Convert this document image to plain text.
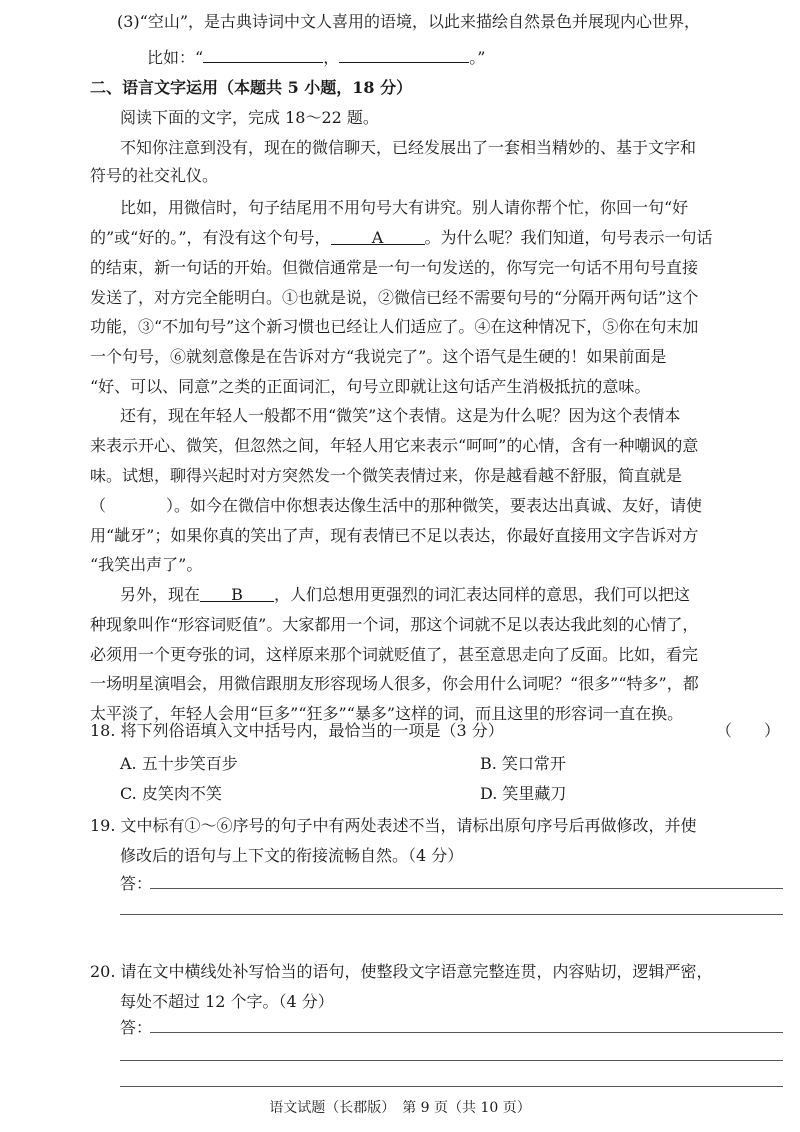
(3)“空山”，是古典诗词中文人喜用的语境，以此来描绘自然景色并展现内心世界，
比如：“	，	。”
二、语言文字运用（本题共 5 小题，18 分）
阅读下面的文字，完成 18～22 题。
不知你注意到没有，现在的微信聊天，已经发展出了一套相当精妙的、基于文字和
符号的社交礼仪。
比如，用微信时，句子结尾用不用句号大有讲究。别人请你帮个忙，你回一句“好
的”或“好的。”，有没有这个句号，	A	。为什么呢？我们知道，句号表示一句话
的结束，新一句话的开始。但微信通常是一句一句发送的，你写完一句话不用句号直接
发送了，对方完全能明白。①也就是说，②微信已经不需要句号的“分隔开两句话”这个
功能，③“不加句号”这个新习惯也已经让人们适应了。④在这种情况下，⑤你在句末加
一个句号，⑥就刻意像是在告诉对方“我说完了”。这个语气是生硬的！如果前面是
“好、可以、同意”之类的正面词汇，句号立即就让这句话产生消极抵抗的意味。
还有，现在年轻人一般都不用“微笑”这个表情。这是为什么呢？因为这个表情本
来表示开心、微笑，但忽然之间，年轻人用它来表示“呵呵”的心情，含有一种嘲讽的意
味。试想，聊得兴起时对方突然发一个微笑表情过来，你是越看越不舒服，简直就是
（	）。如今在微信中你想表达像生活中的那种微笑，要表达出真诚、友好，请使
用“龇牙”；如果你真的笑出了声，现有表情已不足以表达，你最好直接用文字告诉对方
“我笑出声了”。
另外，现在 B ，人们总想用更强烈的词汇表达同样的意思，我们可以把这
种现象叫作“形容词贬值”。大家都用一个词，那这个词就不足以表达我此刻的心情了，
必须用一个更夸张的词，这样原来那个词就贬值了，甚至意思走向了反面。比如，看完
一场明星演唱会，用微信跟朋友形容现场人很多，你会用什么词呢？“很多”“特多”，都
太平淡了，年轻人会用“巨多”“狂多”“暴多”这样的词，而且这里的形容词一直在换。
18. 将下列俗语填入文中括号内，最恰当的一项是（3 分）	（　　）
A. 五十步笑百步	B. 笑口常开
C. 皮笑肉不笑	D. 笑里藏刀
19. 文中标有①～⑥序号的句子中有两处表述不当，请标出原句序号后再做修改，并使
修改后的语句与上下文的衔接流畅自然。（4 分）
答：
20. 请在文中横线处补写恰当的语句，使整段文字语意完整连贯，内容贴切，逻辑严密，
每处不超过 12 个字。（4 分）
答：
语文试题（长郡版）　第 9 页（共 10 页）
